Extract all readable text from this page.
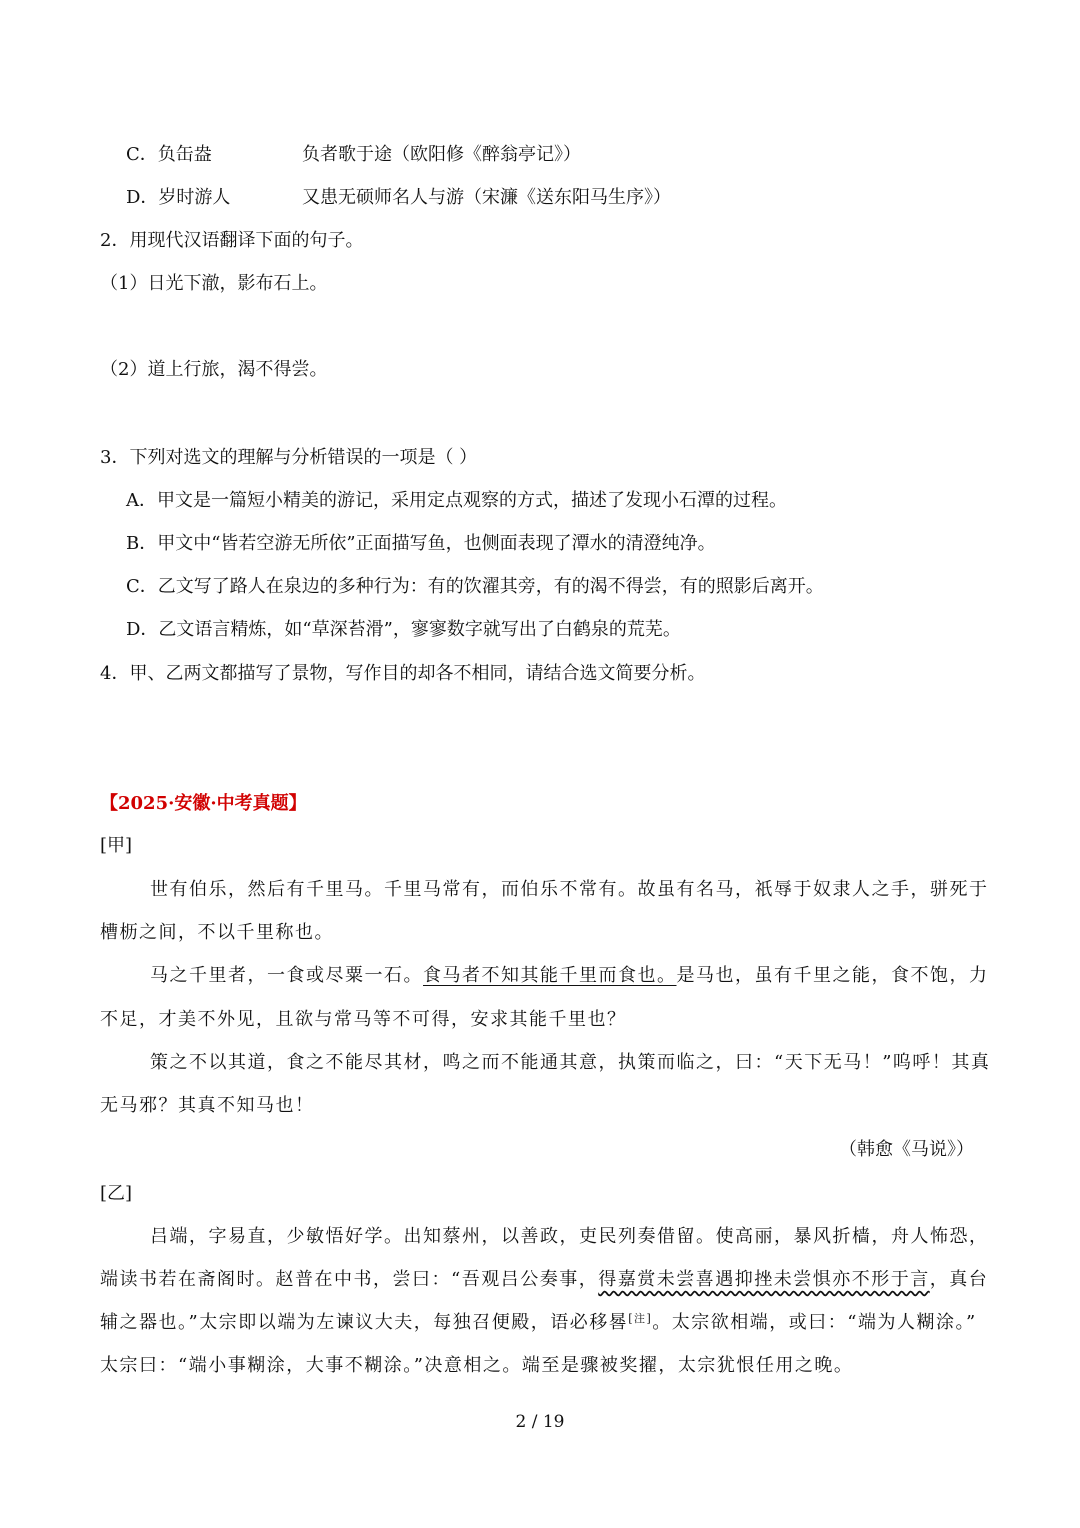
C．负缶盎	负者歌于途（欧阳修《醉翁亭记》）
D．岁时游人	又患无硕师名人与游（宋濂《送东阳马生序》）
2．用现代汉语翻译下面的句子。
（1）日光下澈，影布石上。
（2）道上行旅，渴不得尝。
3．下列对选文的理解与分析错误的一项是（ ）
A．甲文是一篇短小精美的游记，采用定点观察的方式，描述了发现小石潭的过程。
B．甲文中“皆若空游无所依”正面描写鱼，也侧面表现了潭水的清澄纯净。
C．乙文写了路人在泉边的多种行为：有的饮濯其旁，有的渴不得尝，有的照影后离开。
D．乙文语言精炼，如“草深苔滑”，寥寥数字就写出了白鹤泉的荒芜。
4．甲、乙两文都描写了景物，写作目的却各不相同，请结合选文简要分析。
【2025·安徽·中考真题】
[甲]
世有伯乐，然后有千里马。千里马常有，而伯乐不常有。故虽有名马，祇辱于奴隶人之手，骈死于
槽枥之间，不以千里称也。
马之千里者，一食或尽粟一石。食马者不知其能千里而食也。是马也，虽有千里之能，食不饱，力
不足，才美不外见，且欲与常马等不可得，安求其能千里也？
策之不以其道，食之不能尽其材，鸣之而不能通其意，执策而临之，曰：“天下无马！”呜呼！其真
无马邪？其真不知马也！
（韩愈《马说》）
[乙]
吕端，字易直，少敏悟好学。出知蔡州，以善政，吏民列奏借留。使高丽，暴风折樯，舟人怖恐，
端读书若在斋阁时。赵普在中书，尝曰：“吾观吕公奏事，得嘉赏未尝喜遇抑挫未尝惧亦不形于言，真台
辅之器也。”太宗即以端为左谏议大夫，每独召便殿，语必移晷[注]。太宗欲相端，或曰：“端为人糊涂。”
太宗曰：“端小事糊涂，大事不糊涂。”决意相之。端至是骤被奖擢，太宗犹恨任用之晚。
2 / 19
